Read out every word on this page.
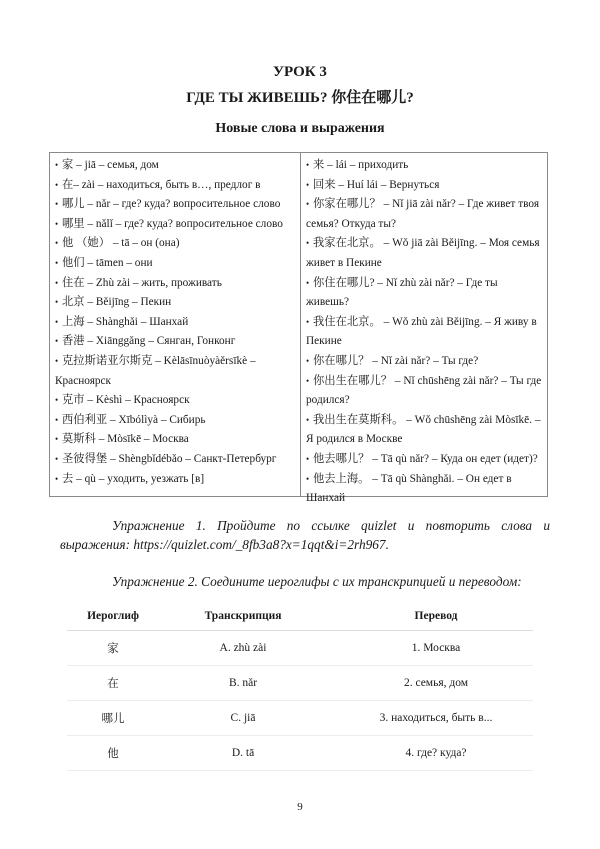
УРОК 3
ГДЕ ТЫ ЖИВЕШЬ? 你住在哪儿?
Новые слова и выражения
• 家 – jiā – семья, дом
• 在– zài – находиться, быть в…, предлог в
• 哪儿 – nǎr – где? куда? вопросительное слово
• 哪里 – nǎlǐ – где? куда? вопросительное слово
• 他 （她） – tā – он (она)
• 他们 – tāmen – они
• 住在 – Zhù zài – жить, проживать
• 北京 – Běijīng – Пекин
• 上海 – Shànghǎi – Шанхай
• 香港 – Xiānggǎng – Сянган, Гонконг
• 克拉斯诺亚尔斯克 – Kèlāsīnuòyàěrsīkè – Красноярск
• 克市 – Kèshì – Красноярск
• 西伯利亚 – Xībólìyà – Сибирь
• 莫斯科 – Mòsīkē – Москва
• 圣彼得堡 – Shèngbǐdébǎo – Санкт-Петербург
• 去 – qù – уходить, уезжать [в]
• 来 – lái – приходить
• 回来 – Huí lái – Вернуться
• 你家在哪儿？ – Nǐ jiā zài nǎr? – Где живет твоя семья? Откуда ты?
• 我家在北京。 – Wǒ jiā zài Běijīng. – Моя семья живет в Пекине
• 你住在哪儿? – Nǐ zhù zài nǎr? – Где ты живешь?
• 我住在北京。 – Wǒ zhù zài Běijīng. – Я живу в Пекине
• 你在哪儿？ – Nǐ zài nǎr? – Ты где?
• 你出生在哪儿？ – Nǐ chūshēng zài nǎr? – Ты где родился?
• 我出生在莫斯科。 – Wǒ chūshēng zài Mòsīkē. – Я родился в Москве
• 他去哪儿？ – Tā qù nǎr? – Куда он едет (идет)?
• 他去上海。 – Tā qù Shànghǎi. – Он едет в Шанхай
Упражнение 1. Пройдите по ссылке quizlet и повторить слова и выражения: https://quizlet.com/_8fb3a8?x=1qqt&i=2rh967.
Упражнение 2. Соедините иероглифы с их транскрипцией и переводом:
Иероглиф	Транскрипция	Перевод
家	A. zhù zài	1. Москва
在	B. nǎr	2. семья, дом
哪儿	C. jiā	3. находиться, быть в...
他	D. tā	4. где? куда?
9
